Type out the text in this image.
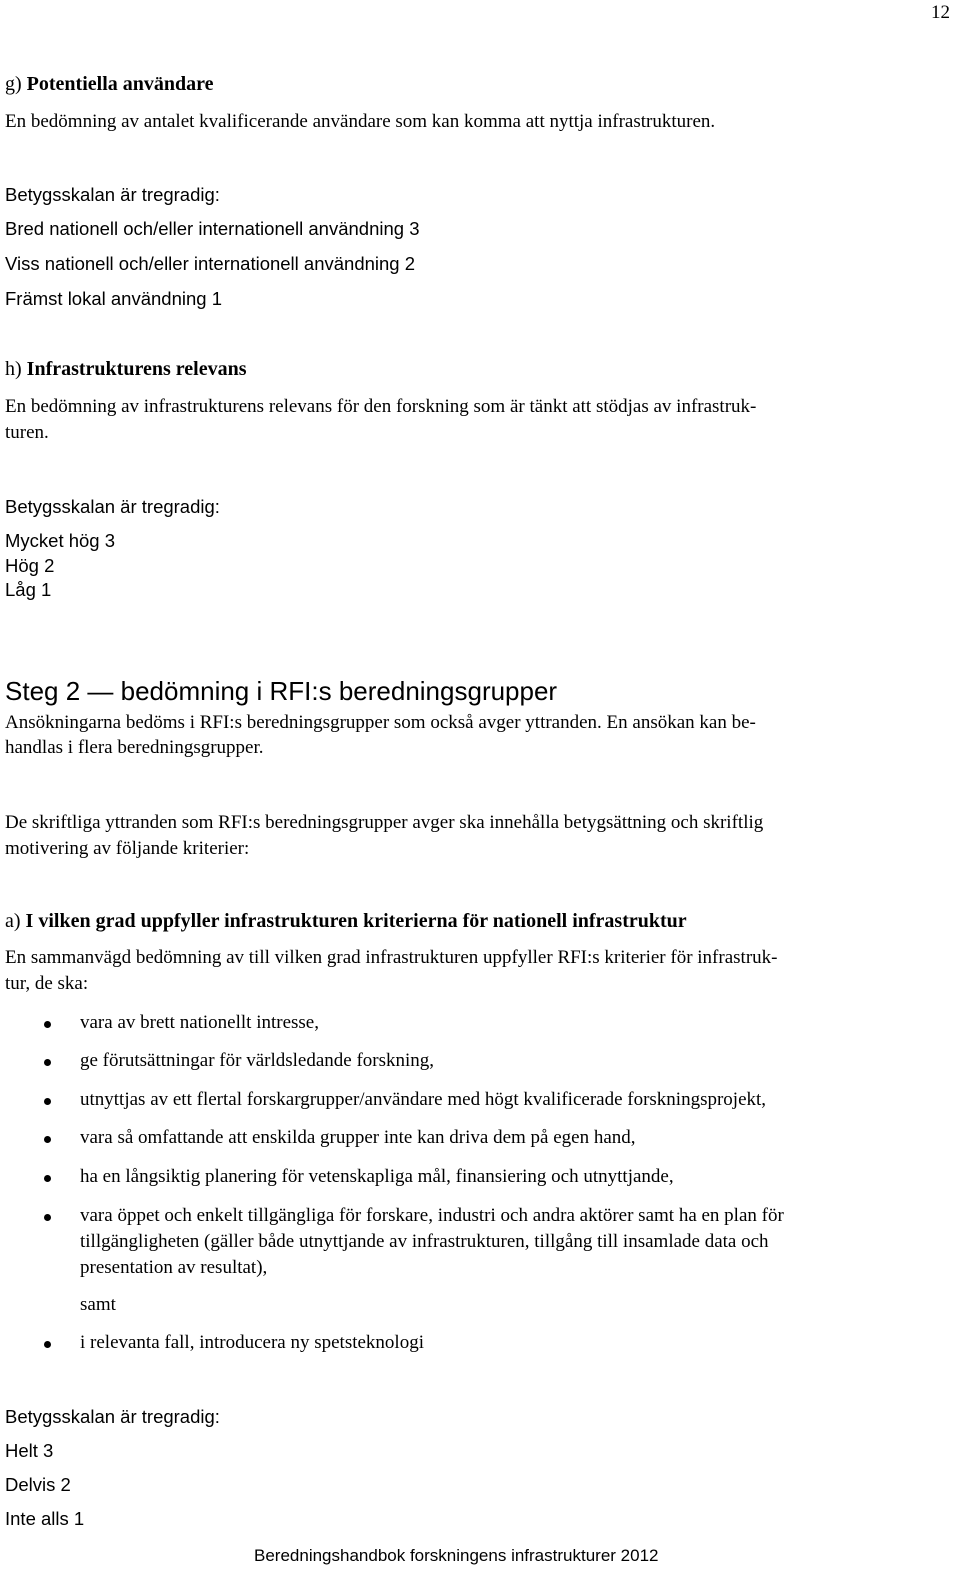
12
g) Potentiella användare
En bedömning av antalet kvalificerande användare som kan komma att nyttja infrastrukturen.
Betygsskalan är tregradig:
Bred nationell och/eller internationell användning 3
Viss nationell och/eller internationell användning 2
Främst lokal användning 1
h) Infrastrukturens relevans
En bedömning av infrastrukturens relevans för den forskning som är tänkt att stödjas av infrastruk-
turen.
Betygsskalan är tregradig:
Mycket hög 3
Hög 2
Låg 1
Steg 2 — bedömning i RFI:s beredningsgrupper
Ansökningarna bedöms i RFI:s beredningsgrupper som också avger yttranden. En ansökan kan be-
handlas i flera beredningsgrupper.
De skriftliga yttranden som RFI:s beredningsgrupper avger ska innehålla betygsättning och skriftlig
motivering av följande kriterier:
a) I vilken grad uppfyller infrastrukturen kriterierna för nationell infrastruktur
En sammanvägd bedömning av till vilken grad infrastrukturen uppfyller RFI:s kriterier för infrastruk-
tur, de ska:
vara av brett nationellt intresse,
ge förutsättningar för världsledande forskning,
utnyttjas av ett flertal forskargrupper/användare med högt kvalificerade forskningsprojekt,
vara så omfattande att enskilda grupper inte kan driva dem på egen hand,
ha en långsiktig planering för vetenskapliga mål, finansiering och utnyttjande,
vara öppet och enkelt tillgängliga för forskare, industri och andra aktörer samt ha en plan för
tillgängligheten (gäller både utnyttjande av infrastrukturen, tillgång till insamlade data och
presentation av resultat),
samt
i relevanta fall, introducera ny spetsteknologi
Betygsskalan är tregradig:
Helt 3
Delvis 2
Inte alls 1
Beredningshandbok forskningens infrastrukturer 2012
